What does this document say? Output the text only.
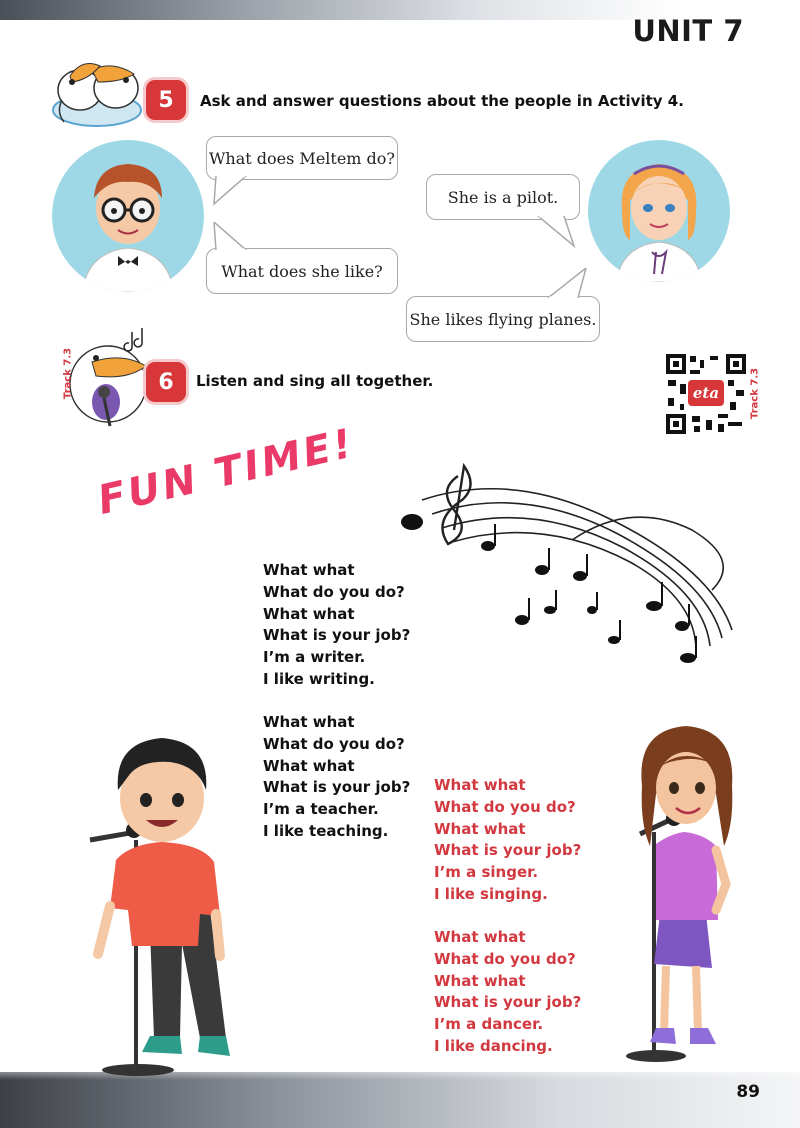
UNIT 7
5	Ask and answer questions about the people in Activity 4.
What does Meltem do?
She is a pilot.
What does she like?
She likes flying planes.
Track 7.3	6	Listen and sing all together.
eta	Track 7.3
FUN TIME!
What what
What do you do?
What what
What is your job?
I’m a writer.
I like writing.
What what
What do you do?
What what
What is your job?
I’m a teacher.
I like teaching.
What what
What do you do?
What what
What is your job?
I’m a singer.
I like singing.
What what
What do you do?
What what
What is your job?
I’m a dancer.
I like dancing.
89
